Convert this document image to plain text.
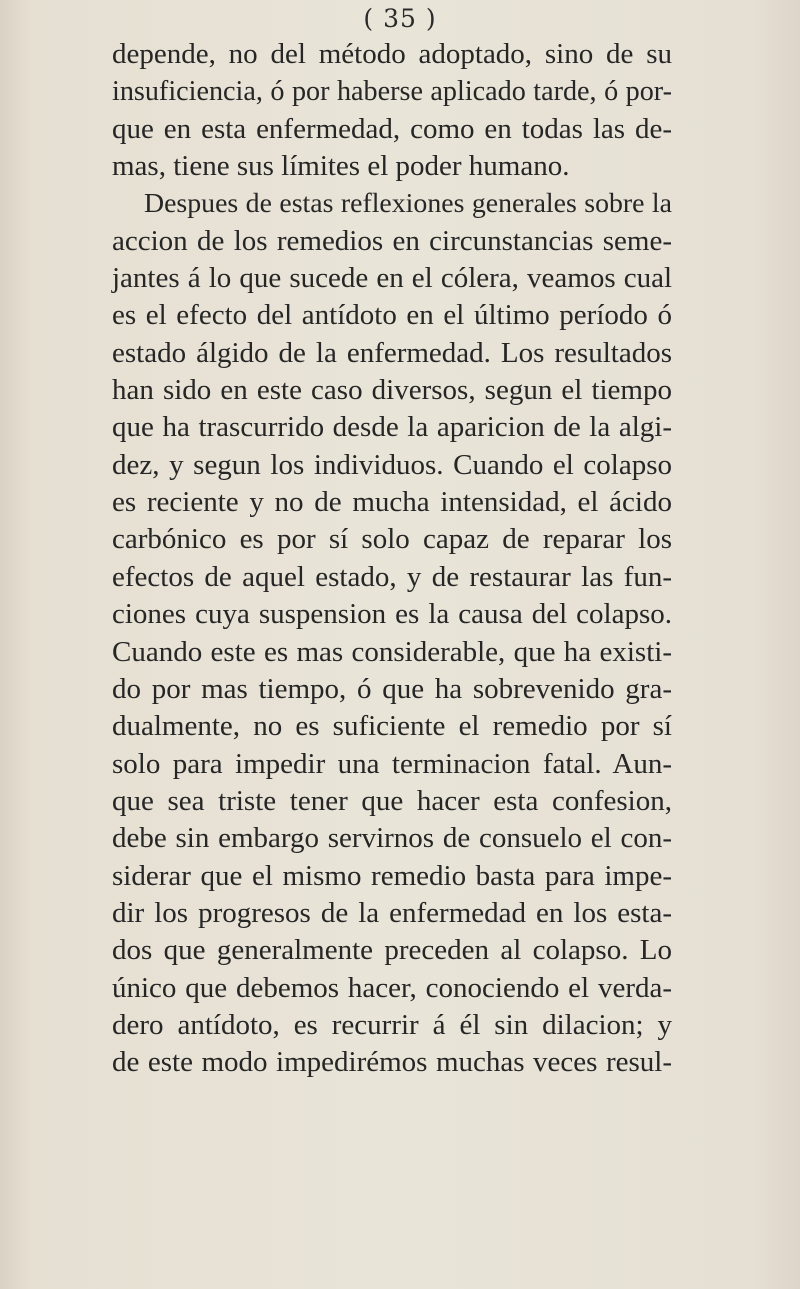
( 35 )
depende, no del método adoptado, sino de su
insuficiencia, ó por haberse aplicado tarde, ó por-
que en esta enfermedad, como en todas las de-
mas, tiene sus límites el poder humano.
Despues de estas reflexiones generales sobre la
accion de los remedios en circunstancias seme-
jantes á lo que sucede en el cólera, veamos cual
es el efecto del antídoto en el último período ó
estado álgido de la enfermedad. Los resultados
han sido en este caso diversos, segun el tiempo
que ha trascurrido desde la aparicion de la algi-
dez, y segun los individuos. Cuando el colapso
es reciente y no de mucha intensidad, el ácido
carbónico es por sí solo capaz de reparar los
efectos de aquel estado, y de restaurar las fun-
ciones cuya suspension es la causa del colapso.
Cuando este es mas considerable, que ha existi-
do por mas tiempo, ó que ha sobrevenido gra-
dualmente, no es suficiente el remedio por sí
solo para impedir una terminacion fatal. Aun-
que sea triste tener que hacer esta confesion,
debe sin embargo servirnos de consuelo el con-
siderar que el mismo remedio basta para impe-
dir los progresos de la enfermedad en los esta-
dos que generalmente preceden al colapso. Lo
único que debemos hacer, conociendo el verda-
dero antídoto, es recurrir á él sin dilacion; y
de este modo impedirémos muchas veces resul-
